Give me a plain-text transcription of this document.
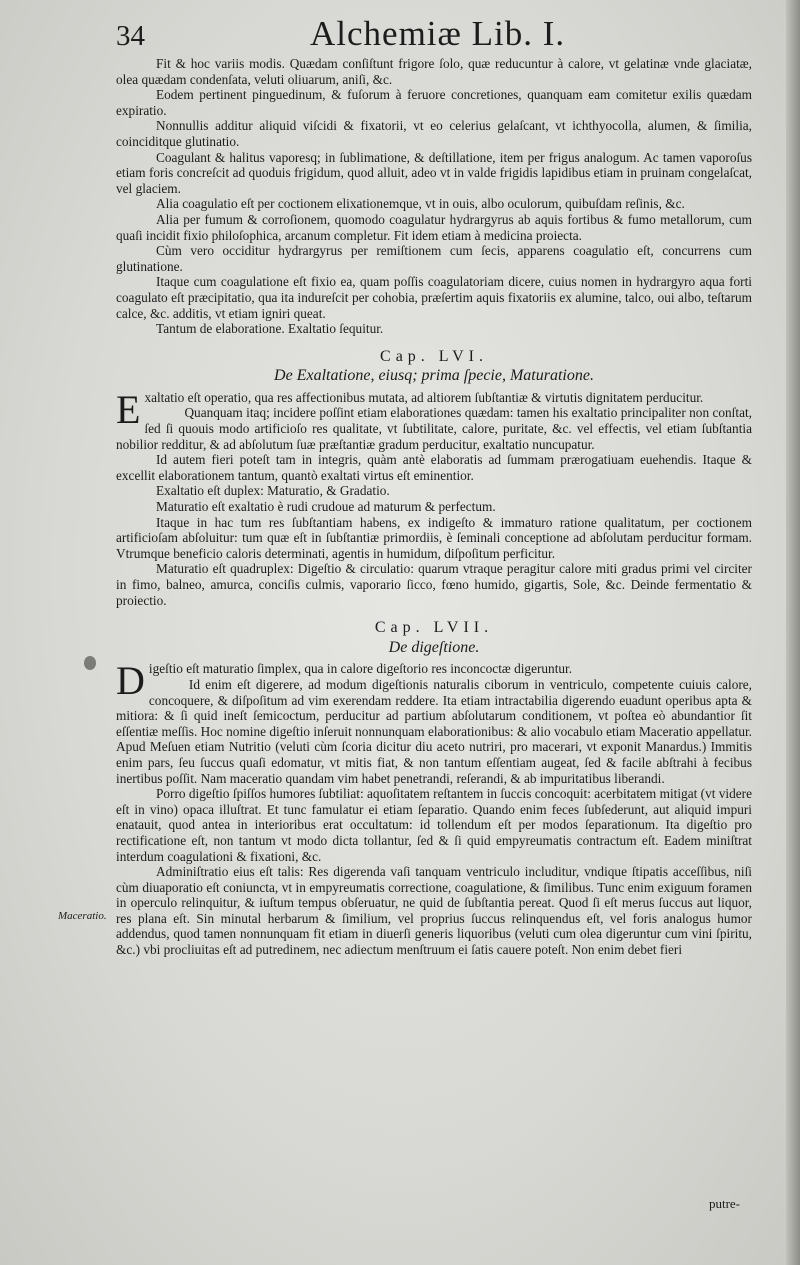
34	Alchemiæ Lib. I.

Fit & hoc variis modis. Quædam conſiſtunt frigore ſolo, quæ reducuntur à calore, vt gelatinæ vnde glaciatæ, olea quædam condenſata, veluti oliuarum, aniſi, &c.

Eodem pertinent pinguedinum, & fuſorum à feruore concretiones, quanquam eam comitetur exilis quædam expiratio.

Nonnullis additur aliquid viſcidi & fixatorii, vt eo celerius gelaſcant, vt ichthyocolla, alumen, & ſimilia, coinciditque glutinatio.

Coagulant & halitus vaporesq; in ſublimatione, & deſtillatione, item per frigus analogum. Ac tamen vaporoſus etiam foris concreſcit ad quoduis frigidum, quod alluit, adeo vt in valde frigidis lapidibus etiam in pruinam congelaſcat, vel glaciem.

Alia coagulatio eſt per coctionem elixationemque, vt in ouis, albo oculorum, quibuſdam reſinis, &c.

Alia per fumum & corroſionem, quomodo coagulatur hydrargyrus ab aquis fortibus & fumo metallorum, cum quaſi incidit fixio philoſophica, arcanum completur. Fit idem etiam à medicina proiecta.

Cùm vero occiditur hydrargyrus per remiſtionem cum ſecis, apparens coagulatio eſt, concurrens cum glutinatione.

Itaque cum coagulatione eſt fixio ea, quam poſſis coagulatoriam dicere, cuius nomen in hydrargyro aqua forti coagulato eſt præcipitatio, qua ita indureſcit per cohobia, præſertim aquis fixatoriis ex alumine, talco, oui albo, teſtarum calce, &c. additis, vt etiam igniri queat.

Tantum de elaboratione. Exaltatio ſequitur.

Cap. LVI.
De Exaltatione, eiusq; prima ſpecie, Maturatione.

Exaltatio eſt operatio, qua res affectionibus mutata, ad altiorem ſubſtantiæ & virtutis dignitatem perducitur.

Quanquam itaq; incidere poſſint etiam elaborationes quædam: tamen his exaltatio principaliter non conſtat, ſed ſi quouis modo artificioſo res qualitate, vt ſubtilitate, calore, puritate, &c. vel effectis, vel etiam ſubſtantia nobilior redditur, & ad abſolutum ſuæ præſtantiæ gradum perducitur, exaltatio nuncupatur.

Id autem fieri poteſt tam in integris, quàm antè elaboratis ad ſummam prærogatiuam euehendis. Itaque & excellit elaborationem tantum, quantò exaltati virtus eſt eminentior.

Exaltatio eſt duplex: Maturatio, & Gradatio.

Maturatio eſt exaltatio è rudi crudoue ad maturum & perfectum.

Itaque in hac tum res ſubſtantiam habens, ex indigeſto & immaturo ratione qualitatum, per coctionem artificioſam abſoluitur: tum quæ eſt in ſubſtantiæ primordiis, è ſeminali conceptione ad abſolutam perducitur formam. Vtrumque beneficio caloris determinati, agentis in humidum, diſpoſitum perficitur.

Maturatio eſt quadruplex: Digeſtio & circulatio: quarum vtraque peragitur calore miti gradus primi vel circiter in fimo, balneo, amurca, conciſis culmis, vaporario ſicco, fœno humido, gigartis, Sole, &c. Deinde fermentatio & proiectio.

Cap. LVII.
De digeſtione.

Digeſtio eſt maturatio ſimplex, qua in calore digeſtorio res inconcoctæ digeruntur.

Id enim eſt digerere, ad modum digeſtionis naturalis ciborum in ventriculo, competente cuiuis calore, concoquere, & diſpoſitum ad vim exerendam reddere. Ita etiam intractabilia digerendo euadunt operibus apta & mitiora: & ſi quid ineſt ſemicoctum, perducitur ad partium abſolutarum conditionem, vt poſtea eò abundantior ſit eſſentiæ meſſis. Hoc nomine digeſtio inſeruit nonnunquam elaborationibus: & alio vocabulo etiam Maceratio appellatur. Apud Meſuen etiam Nutritio (veluti cùm ſcoria dicitur diu aceto nutriri, pro macerari, vt exponit Manardus.) Immitis enim pars, ſeu ſuccus quaſi edomatur, vt mitis fiat, & non tantum eſſentiam augeat, ſed & facile abſtrahi à fecibus inertibus poſſit. Nam maceratio quandam vim habet penetrandi, reſerandi, & ab impuritatibus liberandi.

Porro digeſtio ſpiſſos humores ſubtiliat: aquoſitatem reſtantem in ſuccis concoquit: acerbitatem mitigat (vt videre eſt in vino) opaca illuſtrat. Et tunc famulatur ei etiam ſeparatio. Quando enim feces ſubſederunt, aut aliquid impuri enatauit, quod antea in interioribus erat occultatum: id tollendum eſt per modos ſeparationum. Ita digeſtio pro rectificatione eſt, non tantum vt modo dicta tollantur, ſed & ſi quid empyreumatis contractum eſt. Eadem miniſtrat interdum coagulationi & fixationi, &c.

Adminiſtratio eius eſt talis: Res digerenda vaſi tanquam ventriculo includitur, vndique ſtipatis acceſſibus, niſi cùm diuaporatio eſt coniuncta, vt in empyreumatis correctione, coagulatione, & ſimilibus. Tunc enim exiguum foramen in operculo relinquitur, & iuſtum tempus obſeruatur, ne quid de ſubſtantia pereat. Quod ſi eſt merus ſuccus aut liquor, res plana eſt. Sin minutal herbarum & ſimilium, vel proprius ſuccus relinquendus eſt, vel foris analogus humor addendus, quod tamen nonnunquam fit etiam in diuerſi generis liquoribus (veluti cum olea digeruntur cum vini ſpiritu, &c.) vbi procliuitas eſt ad putredinem, nec adiectum menſtruum ei ſatis cauere poteſt. Non enim debet fieri

Maceratio.
putre-
